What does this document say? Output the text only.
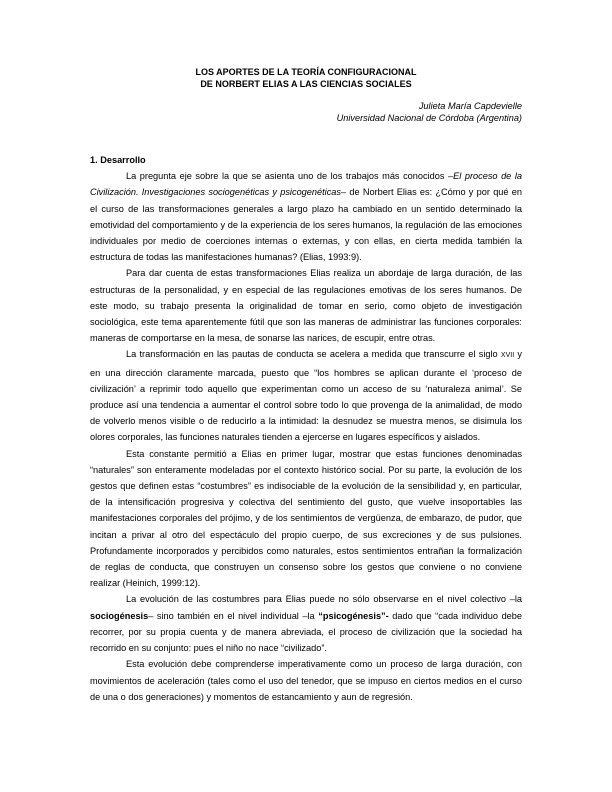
LOS APORTES DE LA TEORÍA CONFIGURACIONAL
DE NORBERT ELIAS A LAS CIENCIAS SOCIALES
Julieta María Capdevielle
Universidad Nacional de Córdoba (Argentina)
1. Desarrollo

La pregunta eje sobre la que se asienta uno de los trabajos más conocidos –El proceso de la Civilización. Investigaciones sociogenéticas y psicogenéticas– de Norbert Elias es: ¿Cómo y por qué en el curso de las transformaciones generales a largo plazo ha cambiado en un sentido determinado la emotividad del comportamiento y de la experiencia de los seres humanos, la regulación de las emociones individuales por medio de coerciones internas o externas, y con ellas, en cierta medida también la estructura de todas las manifestaciones humanas? (Elias, 1993:9).

Para dar cuenta de estas transformaciones Elias realiza un abordaje de larga duración, de las estructuras de la personalidad, y en especial de las regulaciones emotivas de los seres humanos. De este modo, su trabajo presenta la originalidad de tomar en serio, como objeto de investigación sociológica, este tema aparentemente fútil que son las maneras de administrar las funciones corporales: maneras de comportarse en la mesa, de sonarse las narices, de escupir, entre otras.

La transformación en las pautas de conducta se acelera a medida que transcurre el siglo XVII y en una dirección claramente marcada, puesto que “los hombres se aplican durante el ‘proceso de civilización’ a reprimir todo aquello que experimentan como un acceso de su ‘naturaleza animal’. Se produce así una tendencia a aumentar el control sobre todo lo que provenga de la animalidad, de modo de volverlo menos visible o de reducirlo a la intimidad: la desnudez se muestra menos, se disimula los olores corporales, las funciones naturales tienden a ejercerse en lugares específicos y aislados.

Esta constante permitió a Elias en primer lugar, mostrar que estas funciones denominadas “naturales” son enteramente modeladas por el contexto histórico social. Por su parte, la evolución de los gestos que definen estas “costumbres” es indisociable de la evolución de la sensibilidad y, en particular, de la intensificación progresiva y colectiva del sentimiento del gusto, que vuelve insoportables las manifestaciones corporales del prójimo, y de los sentimientos de vergüenza, de embarazo, de pudor, que incitan a privar al otro del espectáculo del propio cuerpo, de sus excreciones y de sus pulsiones. Profundamente incorporados y percibidos como naturales, estos sentimientos entrañan la formalización de reglas de conducta, que construyen un consenso sobre los gestos que conviene o no conviene realizar (Heinich, 1999:12).

La evolución de las costumbres para Elias puede no sólo observarse en el nivel colectivo –la sociogénesis– sino también en el nivel individual –la “psicogénesis”- dado que “cada individuo debe recorrer, por su propia cuenta y de manera abreviada, el proceso de civilización que la sociedad ha recorrido en su conjunto: pues el niño no nace “civilizado”.

Esta evolución debe comprenderse imperativamente como un proceso de larga duración, con movimientos de aceleración (tales como el uso del tenedor, que se impuso en ciertos medios en el curso de una o dos generaciones) y momentos de estancamiento y aun de regresión.
